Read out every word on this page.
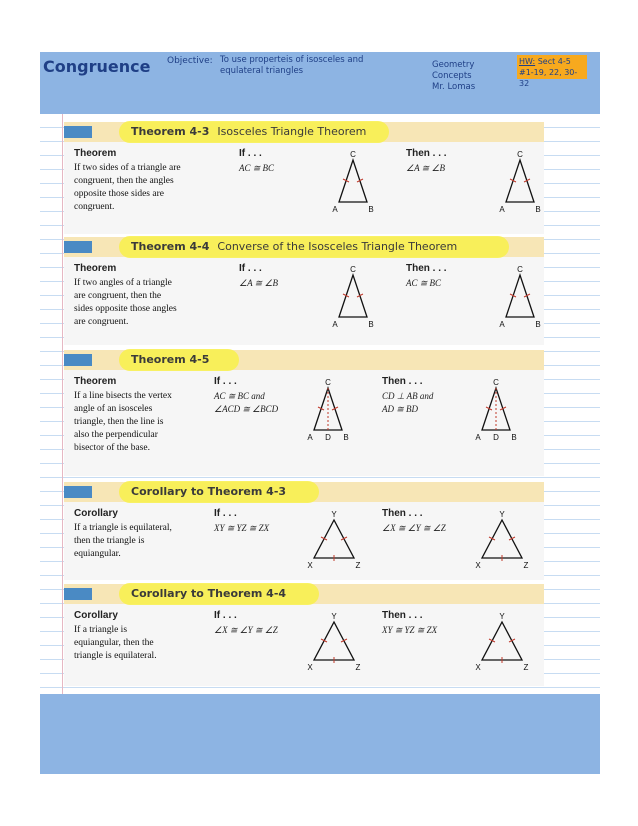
Congruence Objective: To use properteis of isosceles and equlateral triangles
Geometry
Concepts
Mr. Lomas
HW: Sect 4-5
#1-19, 22, 30-32
Theorem 4-3 Isosceles Triangle Theorem
Theorem
If two sides of a triangle are
congruent, then the angles
opposite those sides are
congruent.
If . . .
AC ≅ BC
Then . . .
∠A ≅ ∠B
C
A	B
C
A	B
Theorem 4-4 Converse of the Isosceles Triangle Theorem
Theorem
If two angles of a triangle
are congruent, then the
sides opposite those angles
are congruent.
If . . .
∠A ≅ ∠B
Then . . .
AC ≅ BC
C
A	B
C
A	B
Theorem 4-5
Theorem
If a line bisects the vertex
angle of an isosceles
triangle, then the line is
also the perpendicular
bisector of the base.
If . . .
AC ≅ BC and
∠ACD ≅ ∠BCD
Then . . .
CD ⊥ AB and
AD ≅ BD
C
A	B
D
C
A	B
D
Corollary to Theorem 4-3
Corollary
If a triangle is equilateral,
then the triangle is
equiangular.
If . . .
XY ≅ YZ ≅ ZX
Then . . .
∠X ≅ ∠Y ≅ ∠Z
Y
X	Z
Y
X	Z
Corollary to Theorem 4-4
Corollary
If a triangle is
equiangular, then the
triangle is equilateral.
If . . .
∠X ≅ ∠Y ≅ ∠Z
Then . . .
XY ≅ YZ ≅ ZX
Y
X	Z
Y
X	Z
